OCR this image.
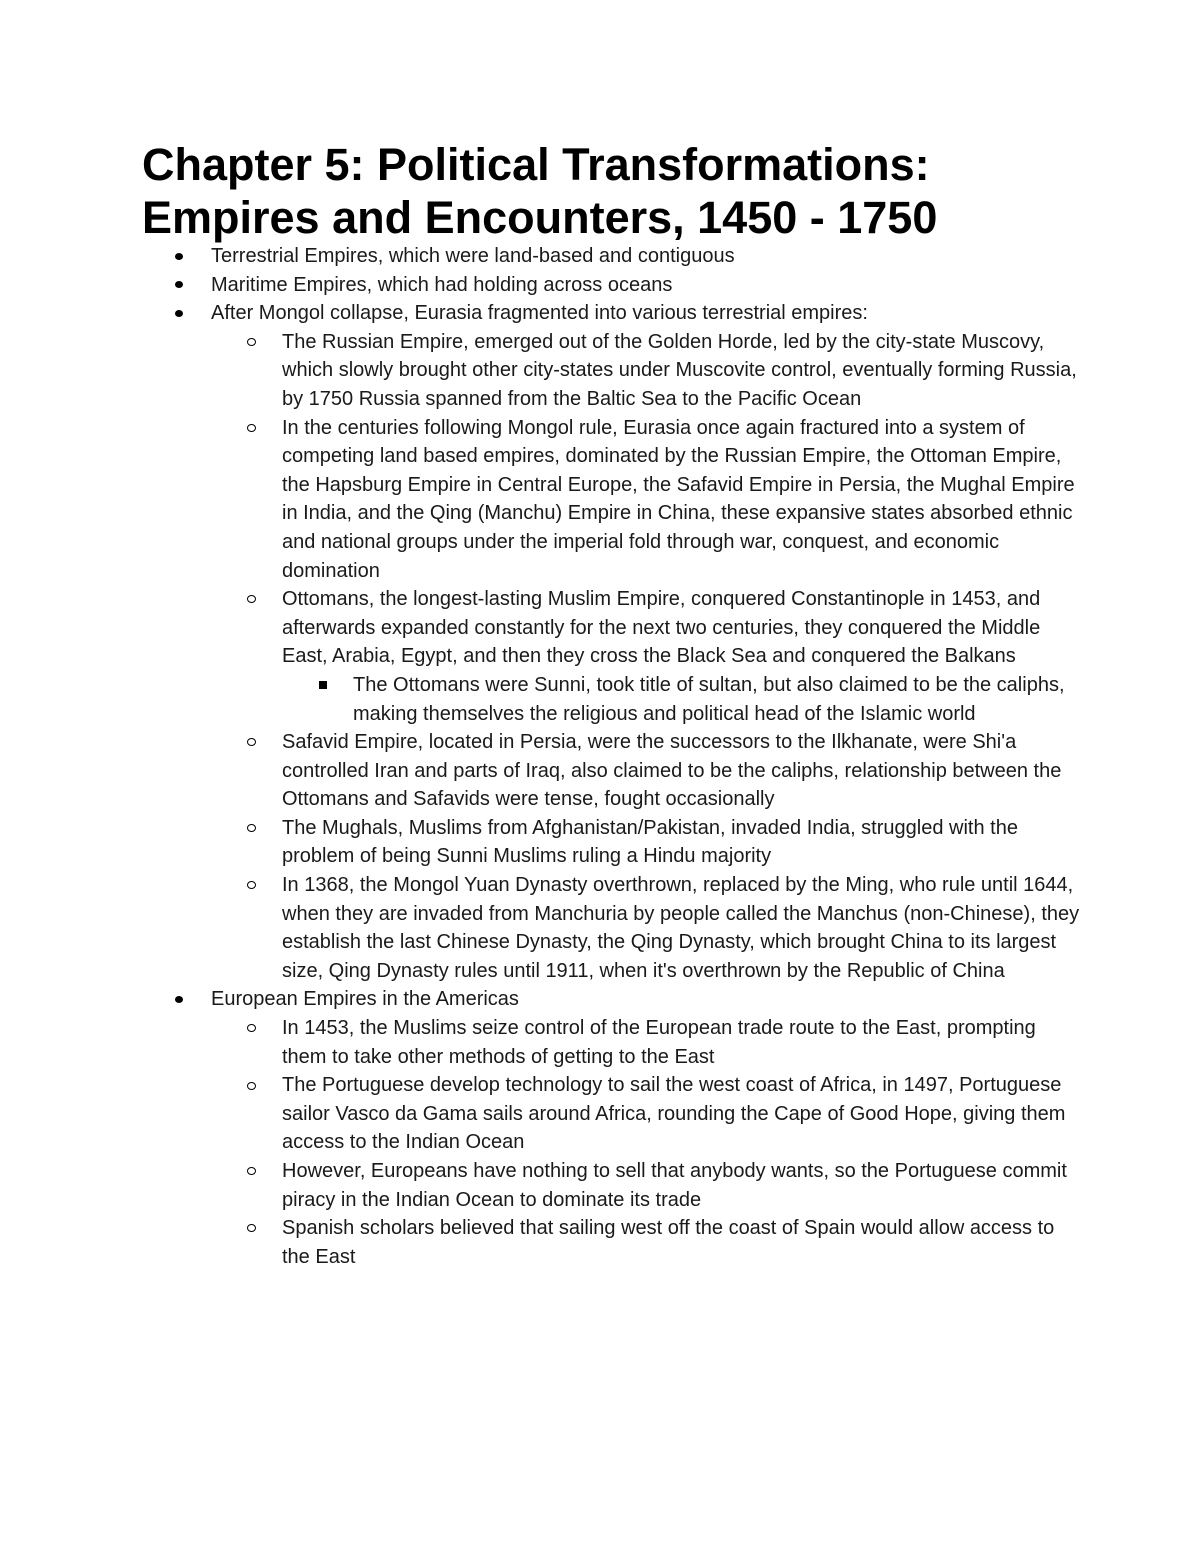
Chapter 5: Political Transformations:
Empires and Encounters, 1450 - 1750
Terrestrial Empires, which were land-based and contiguous
Maritime Empires, which had holding across oceans
After Mongol collapse, Eurasia fragmented into various terrestrial empires:
The Russian Empire, emerged out of the Golden Horde, led by the city-state Muscovy, which slowly brought other city-states under Muscovite control, eventually forming Russia, by 1750 Russia spanned from the Baltic Sea to the Pacific Ocean
In the centuries following Mongol rule, Eurasia once again fractured into a system of competing land based empires, dominated by the Russian Empire, the Ottoman Empire, the Hapsburg Empire in Central Europe, the Safavid Empire in Persia, the Mughal Empire in India, and the Qing (Manchu) Empire in China, these expansive states absorbed ethnic and national groups under the imperial fold through war, conquest, and economic domination
Ottomans, the longest-lasting Muslim Empire, conquered Constantinople in 1453, and afterwards expanded constantly for the next two centuries, they conquered the Middle East, Arabia, Egypt, and then they cross the Black Sea and conquered the Balkans
The Ottomans were Sunni, took title of sultan, but also claimed to be the caliphs, making themselves the religious and political head of the Islamic world
Safavid Empire, located in Persia, were the successors to the Ilkhanate, were Shi'a controlled Iran and parts of Iraq, also claimed to be the caliphs, relationship between the Ottomans and Safavids were tense, fought occasionally
The Mughals, Muslims from Afghanistan/Pakistan, invaded India, struggled with the problem of being Sunni Muslims ruling a Hindu majority
In 1368, the Mongol Yuan Dynasty overthrown, replaced by the Ming, who rule until 1644, when they are invaded from Manchuria by people called the Manchus (non-Chinese), they establish the last Chinese Dynasty, the Qing Dynasty, which brought China to its largest size, Qing Dynasty rules until 1911, when it's overthrown by the Republic of China
European Empires in the Americas
In 1453, the Muslims seize control of the European trade route to the East, prompting them to take other methods of getting to the East
The Portuguese develop technology to sail the west coast of Africa, in 1497, Portuguese sailor Vasco da Gama sails around Africa, rounding the Cape of Good Hope, giving them access to the Indian Ocean
However, Europeans have nothing to sell that anybody wants, so the Portuguese commit piracy in the Indian Ocean to dominate its trade
Spanish scholars believed that sailing west off the coast of Spain would allow access to the East
